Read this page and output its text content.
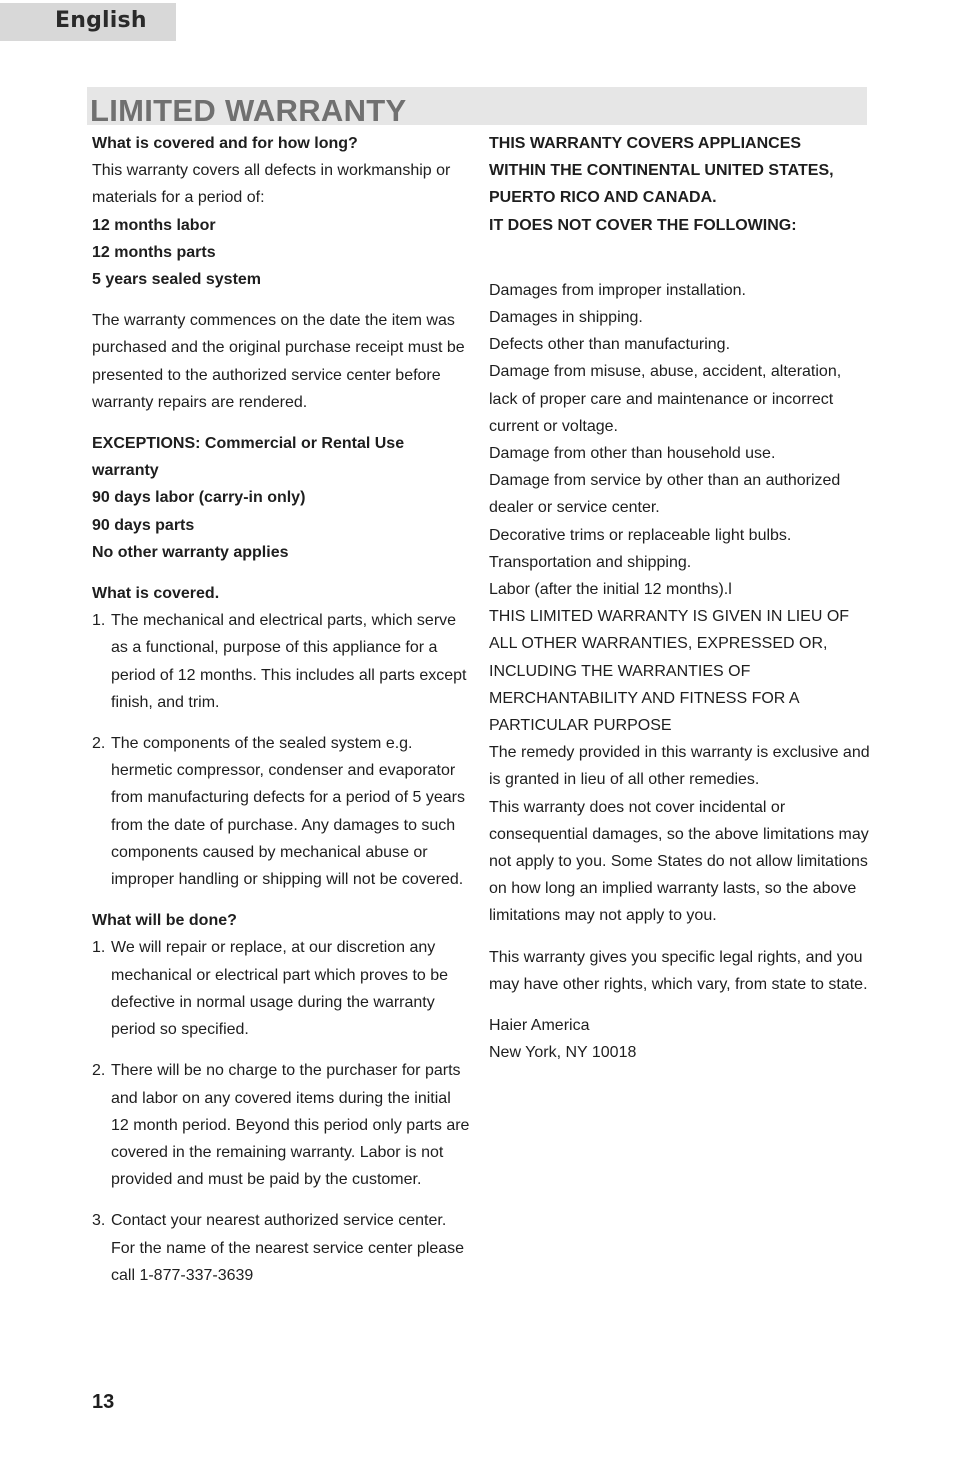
English
LIMITED WARRANTY

What is covered and for how long?

This warranty covers all defects in workmanship or materials for a period of:

12 months labor

12 months parts

5 years sealed system

The warranty commences on the date the item was purchased and the original purchase receipt must be presented to the authorized service center before warranty repairs are rendered.

EXCEPTIONS: Commercial or Rental Use warranty

90 days labor (carry-in only)

90 days parts

No other warranty applies

What is covered.

1. The mechanical and electrical parts, which serve as a functional, purpose of this appliance for a period of 12 months. This includes all parts except finish, and trim.
2. The components of the sealed system e.g. hermetic compressor, condenser and evaporator from manufacturing defects for a period of 5 years from the date of purchase. Any damages to such components caused by mechanical abuse or improper handling or shipping will not be covered.

What will be done?

1. We will repair or replace, at our discretion any mechanical or electrical part which proves to be defective in normal usage during the warranty period so specified.
2. There will be no charge to the purchaser for parts and labor on any covered items during the initial 12 month period. Beyond this period only parts are covered in the remaining warranty. Labor is not provided and must be paid by the customer.
3. Contact your nearest authorized service center. For the name of the nearest service center please call 1-877-337-3639

THIS WARRANTY COVERS APPLIANCES

WITHIN THE CONTINENTAL UNITED STATES,

PUERTO RICO AND CANADA.

IT DOES NOT COVER THE FOLLOWING:

Damages from improper installation.

Damages in shipping.

Defects other than manufacturing.

Damage from misuse, abuse, accident, alteration, lack of proper care and maintenance or incorrect current or voltage.

Damage from other than household use.

Damage from service by other than an authorized dealer or service center.

Decorative trims or replaceable light bulbs.

Transportation and shipping.

Labor (after the initial 12 months).l

THIS LIMITED WARRANTY IS GIVEN IN LIEU OF

ALL OTHER WARRANTIES, EXPRESSED OR,

INCLUDING THE WARRANTIES OF

MERCHANTABILITY AND FITNESS FOR A

PARTICULAR PURPOSE

The remedy provided in this warranty is exclusive and is granted in lieu of all other remedies.

This warranty does not cover incidental or consequential damages, so the above limitations may not apply to you. Some States do not allow limitations on how long an implied warranty lasts, so the above limitations may not apply to you.

This warranty gives you specific legal rights, and you may have other rights, which vary, from state to state.

Haier America

New York, NY 10018

13
